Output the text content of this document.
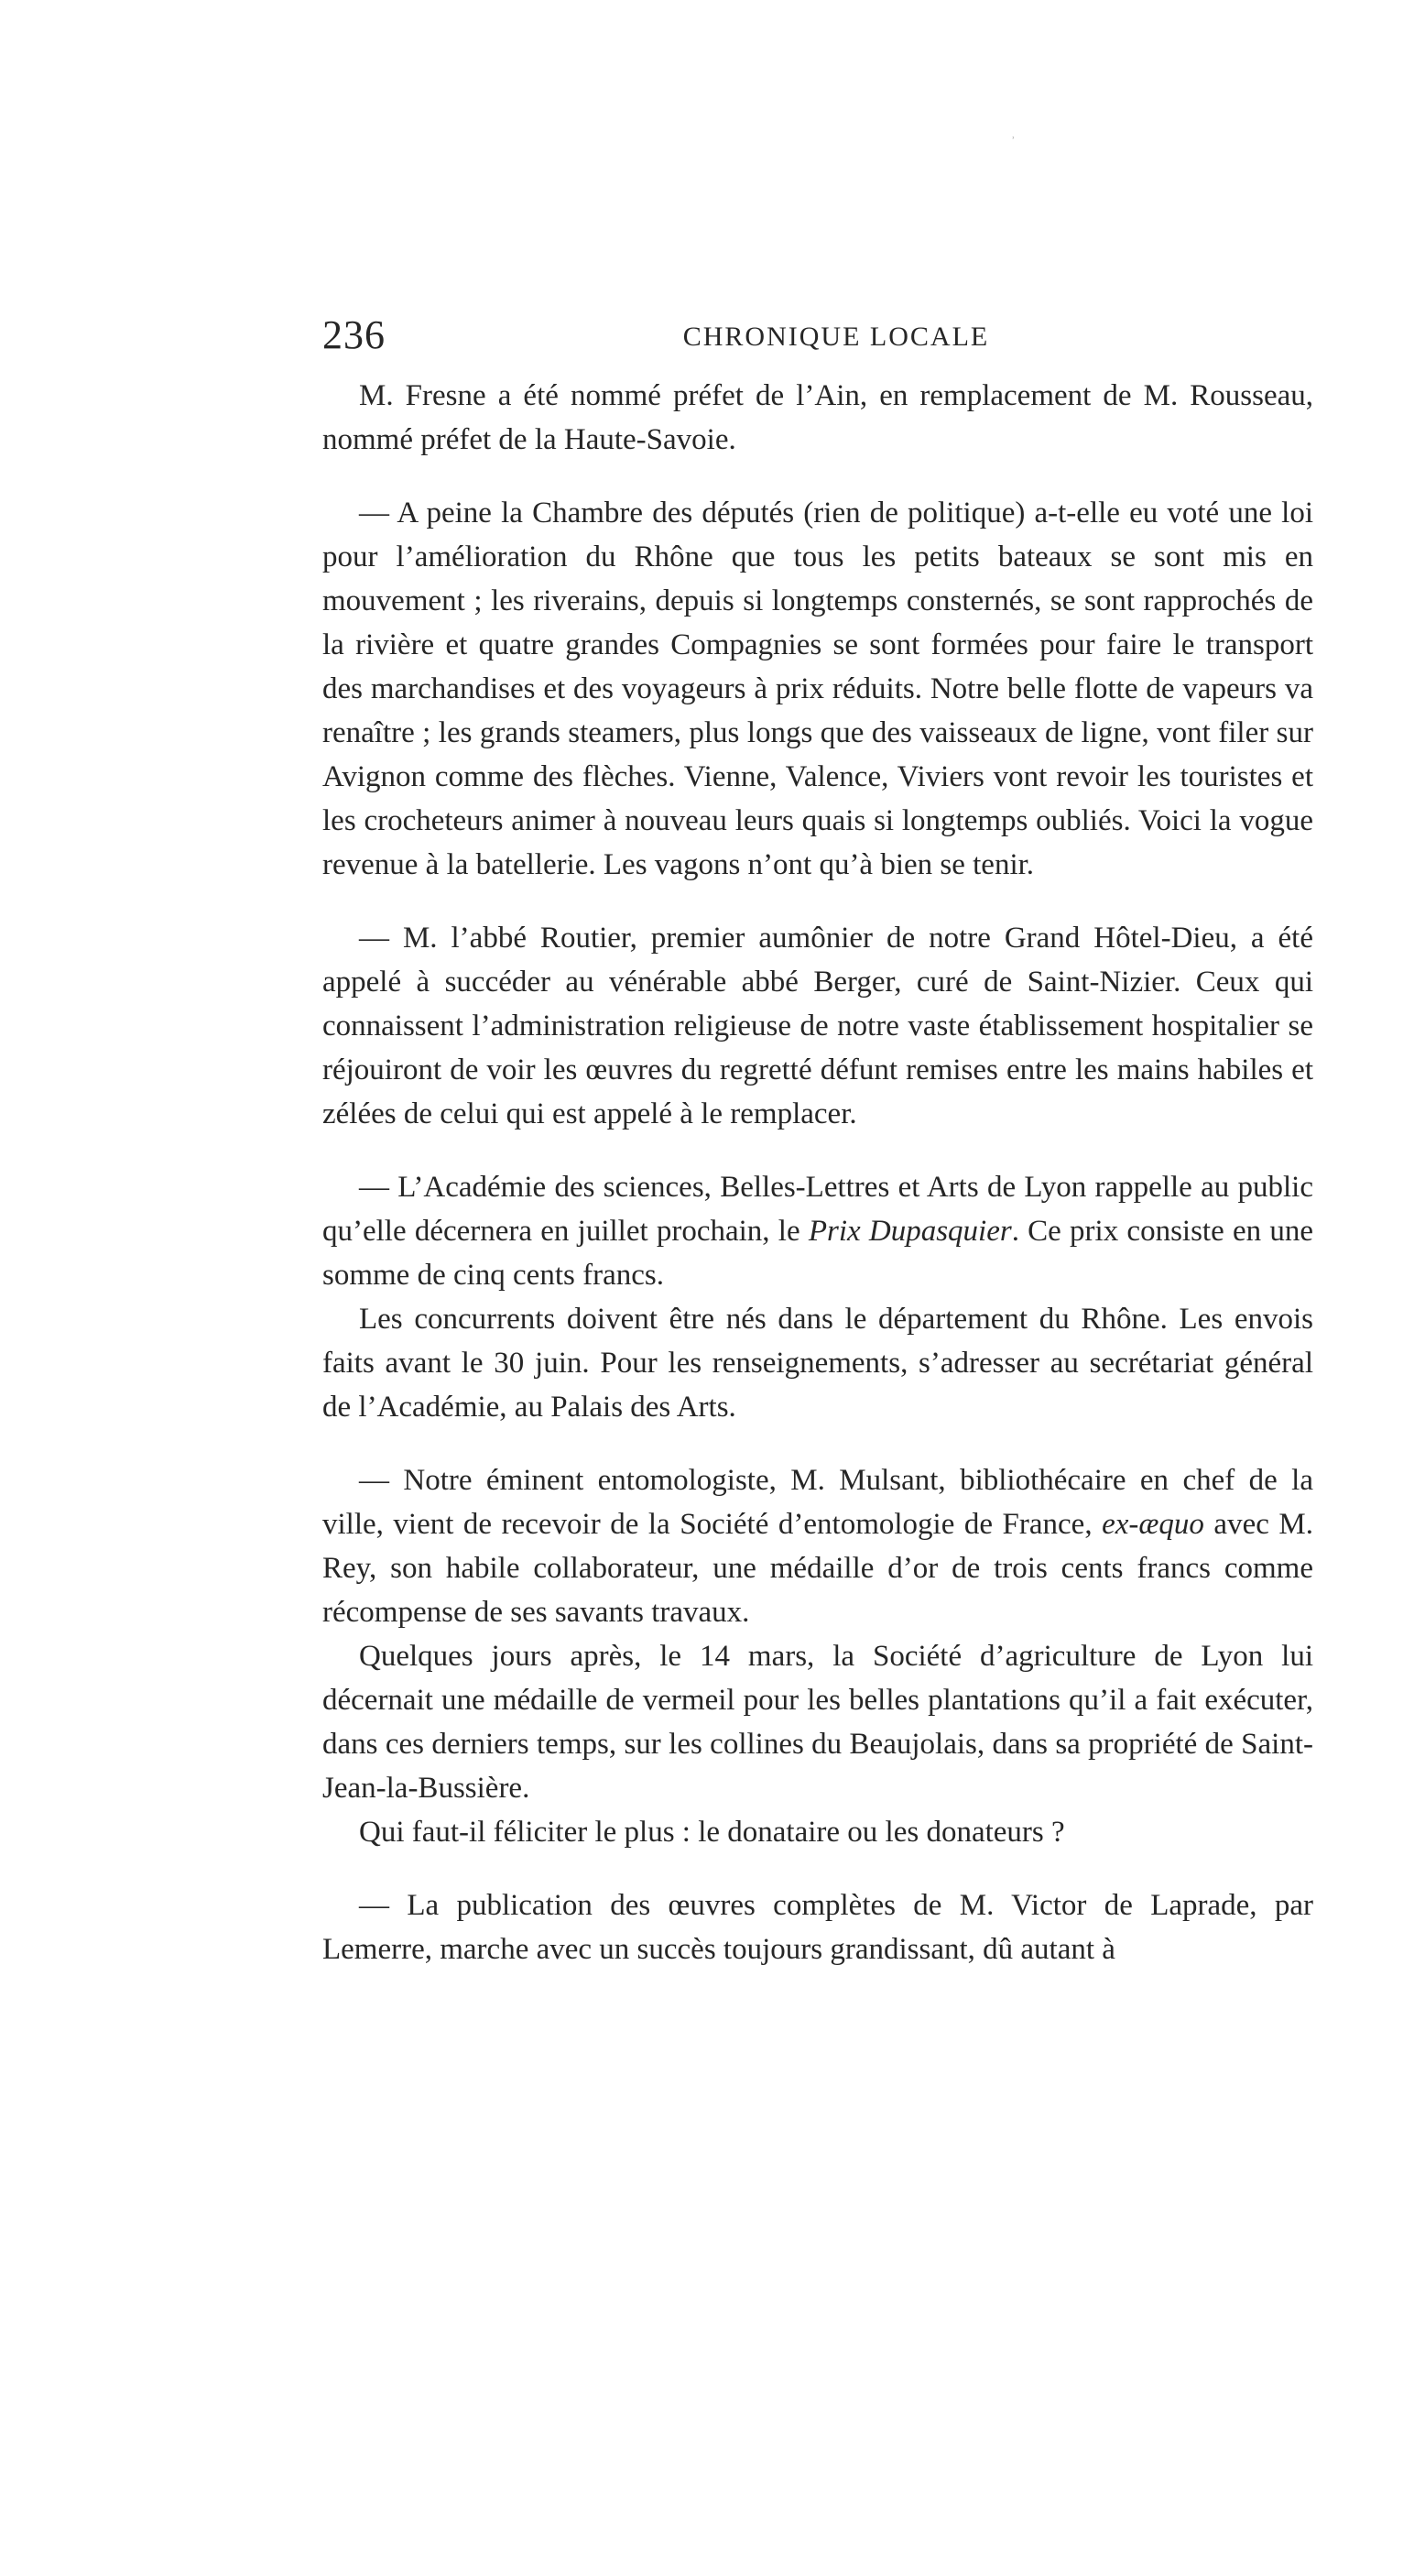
ʾ
236	CHRONIQUE LOCALE

M. Fresne a été nommé préfet de l’Ain, en remplacement de M. Rousseau, nommé préfet de la Haute-Savoie.

— A peine la Chambre des députés (rien de politique) a-t-elle eu voté une loi pour l’amélioration du Rhône que tous les petits bateaux se sont mis en mouvement ; les riverains, depuis si longtemps consternés, se sont rapprochés de la rivière et quatre grandes Compagnies se sont formées pour faire le transport des marchandises et des voyageurs à prix réduits. Notre belle flotte de vapeurs va renaître ; les grands steamers, plus longs que des vaisseaux de ligne, vont filer sur Avignon comme des flèches. Vienne, Valence, Viviers vont revoir les touristes et les crocheteurs animer à nouveau leurs quais si longtemps oubliés. Voici la vogue revenue à la batellerie. Les vagons n’ont qu’à bien se tenir.

— M. l’abbé Routier, premier aumônier de notre Grand Hôtel-Dieu, a été appelé à succéder au vénérable abbé Berger, curé de Saint-Nizier. Ceux qui connaissent l’administration religieuse de notre vaste établissement hospitalier se réjouiront de voir les œuvres du regretté défunt remises entre les mains habiles et zélées de celui qui est appelé à le remplacer.

— L’Académie des sciences, Belles-Lettres et Arts de Lyon rappelle au public qu’elle décernera en juillet prochain, le Prix Dupasquier. Ce prix consiste en une somme de cinq cents francs.

Les concurrents doivent être nés dans le département du Rhône. Les envois faits avant le 30 juin. Pour les renseignements, s’adresser au secrétariat général de l’Académie, au Palais des Arts.

— Notre éminent entomologiste, M. Mulsant, bibliothécaire en chef de la ville, vient de recevoir de la Société d’entomologie de France, ex-æquo avec M. Rey, son habile collaborateur, une médaille d’or de trois cents francs comme récompense de ses savants travaux.

Quelques jours après, le 14 mars, la Société d’agriculture de Lyon lui décernait une médaille de vermeil pour les belles plantations qu’il a fait exécuter, dans ces derniers temps, sur les collines du Beaujolais, dans sa propriété de Saint-Jean-la-Bussière.

Qui faut-il féliciter le plus : le donataire ou les donateurs ?

— La publication des œuvres complètes de M. Victor de Laprade, par Lemerre, marche avec un succès toujours grandissant, dû autant à
